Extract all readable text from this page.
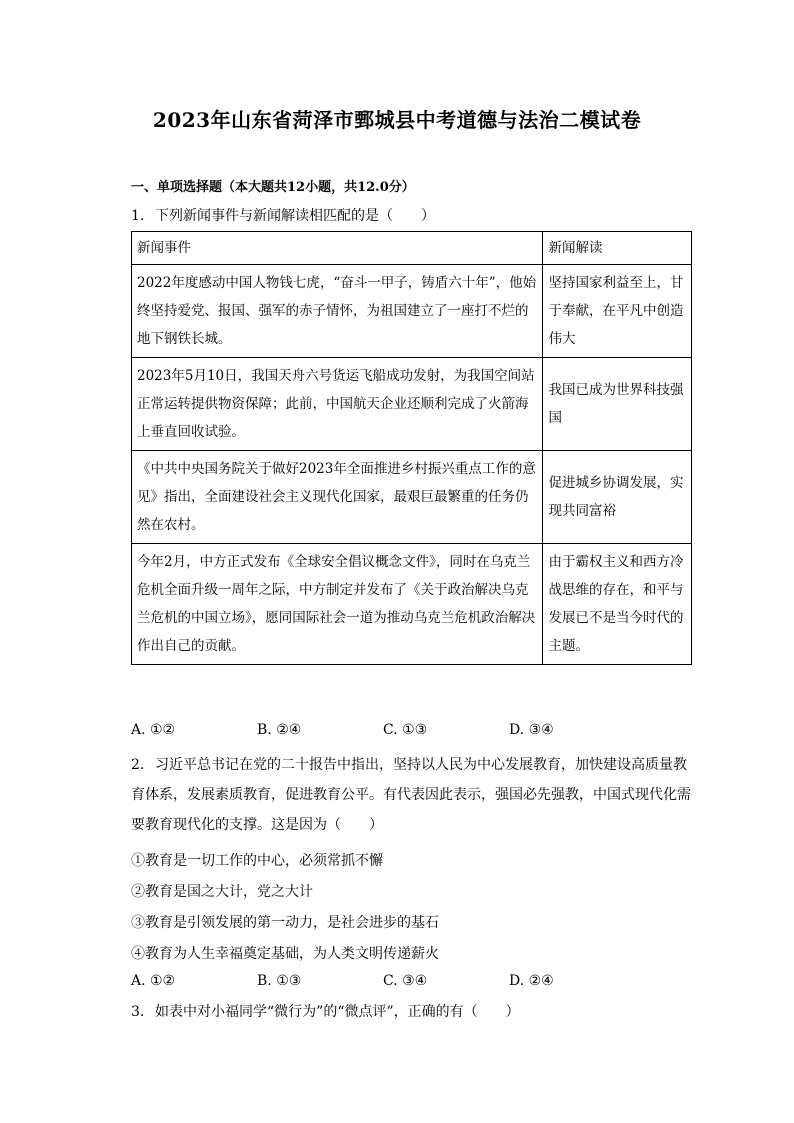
2023年山东省菏泽市鄄城县中考道德与法治二模试卷
一、单项选择题（本大题共12小题，共12.0分）
1. 下列新闻事件与新闻解读相匹配的是（　　）
新闻事件	新闻解读
2022年度感动中国人物钱七虎，“奋斗一甲子，铸盾六十年”，他始终坚持爱党、报国、强军的赤子情怀，为祖国建立了一座打不烂的地下钢铁长城。	坚持国家利益至上，甘于奉献，在平凡中创造伟大
2023年5月10日，我国天舟六号货运飞船成功发射，为我国空间站正常运转提供物资保障；此前，中国航天企业还顺利完成了火箭海上垂直回收试验。	我国已成为世界科技强国
《中共中央国务院关于做好2023年全面推进乡村振兴重点工作的意见》指出，全面建设社会主义现代化国家，最艰巨最繁重的任务仍然在农村。	促进城乡协调发展，实现共同富裕
今年2月，中方正式发布《全球安全倡议概念文件》，同时在乌克兰危机全面升级一周年之际，中方制定并发布了《关于政治解决乌克兰危机的中国立场》，愿同国际社会一道为推动乌克兰危机政治解决作出自己的贡献。	由于霸权主义和西方冷战思维的存在，和平与发展已不是当今时代的主题。
A. ①②	B. ②④	C. ①③	D. ③④
2. 习近平总书记在党的二十报告中指出，坚持以人民为中心发展教育，加快建设高质量教育体系，发展素质教育，促进教育公平。有代表因此表示，强国必先强教，中国式现代化需要教育现代化的支撑。这是因为（　　）
①教育是一切工作的中心，必须常抓不懈
②教育是国之大计，党之大计
③教育是引领发展的第一动力，是社会进步的基石
④教育为人生幸福奠定基础，为人类文明传递薪火
A. ①②	B. ①③	C. ③④	D. ②④
3. 如表中对小福同学“微行为”的“微点评”，正确的有（　　）
